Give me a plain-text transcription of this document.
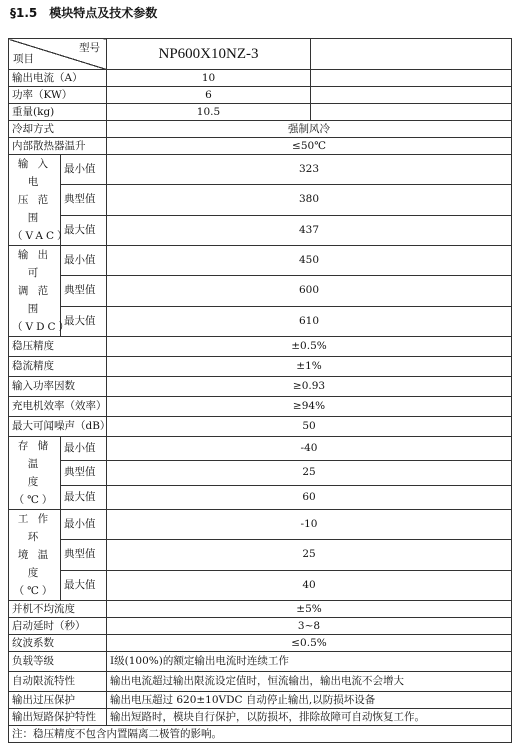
§1.5　模块特点及技术参数
型号
项目		NP600X10NZ-3	
输出电流（A）		10	
功率（KW）		6	
重量(kg)		10.5	
冷却方式		强制风冷	
内部散热器温升		≤50℃	
输 入 电
压 范 围
（VAC）	最小值	323	
	典型值	380	
	最大值	437	
输 出 可
调 范 围
（VDC）	最小值	450	
	典型值	600	
	最大值	610	
稳压精度		±0.5%	
稳流精度		±1%	
输入功率因数		≥0.93	
充电机效率（效率）		≥94%	
最大可闻噪声（dB）		50	
存 储 温
度（℃）	最小值	-40	
	典型值	25	
	最大值	60	
工 作 环
境 温 度
（℃）	最小值	-10	
	典型值	25	
	最大值	40	
并机不均流度		±5%	
启动延时（秒）		3~8	
纹波系数		≤0.5%	
负载等级		Ⅰ级(100%)的额定输出电流时连续工作	
自动限流特性		输出电流超过输出限流设定值时，恒流输出，输出电流不会增大	
输出过压保护		输出电压超过 620±10VDC 自动停止输出,以防损坏设备	
输出短路保护特性		输出短路时，模块自行保护，以防损坏，排除故障可自动恢复工作。	
注：稳压精度不包含内置隔离二极管的影响。			
